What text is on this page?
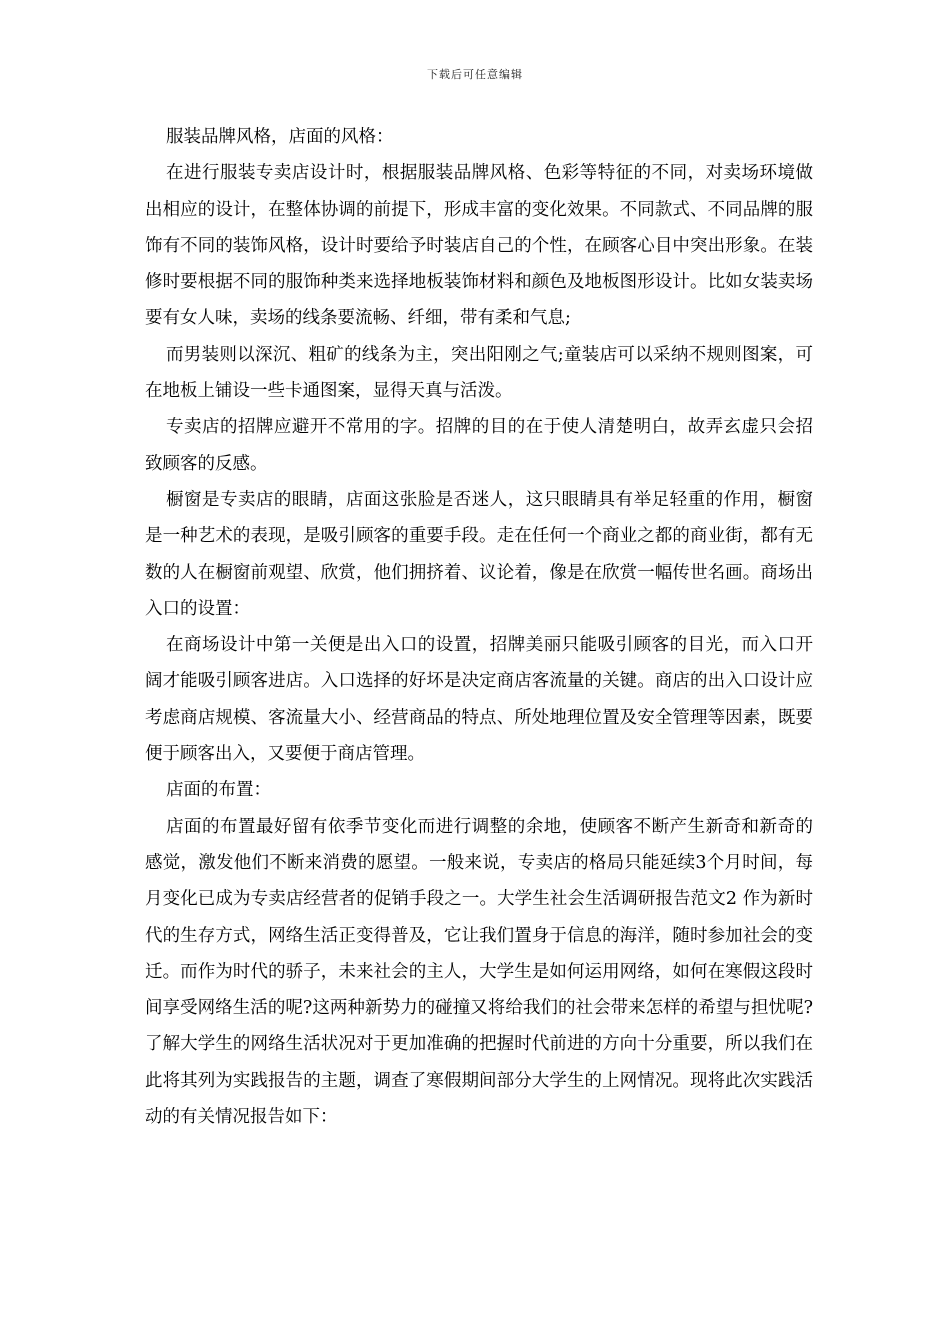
下载后可任意编辑

服装品牌风格，店面的风格：

在进行服装专卖店设计时，根据服装品牌风格、色彩等特征的不同，对卖场环境做出相应的设计，在整体协调的前提下，形成丰富的变化效果。不同款式、不同品牌的服饰有不同的装饰风格，设计时要给予时装店自己的个性，在顾客心目中突出形象。在装修时要根据不同的服饰种类来选择地板装饰材料和颜色及地板图形设计。比如女装卖场要有女人味，卖场的线条要流畅、纤细，带有柔和气息;

而男装则以深沉、粗矿的线条为主，突出阳刚之气;童装店可以采纳不规则图案，可在地板上铺设一些卡通图案，显得天真与活泼。

专卖店的招牌应避开不常用的字。招牌的目的在于使人清楚明白，故弄玄虚只会招致顾客的反感。

橱窗是专卖店的眼睛，店面这张脸是否迷人，这只眼睛具有举足轻重的作用，橱窗是一种艺术的表现，是吸引顾客的重要手段。走在任何一个商业之都的商业街，都有无数的人在橱窗前观望、欣赏，他们拥挤着、议论着，像是在欣赏一幅传世名画。商场出入口的设置：

在商场设计中第一关便是出入口的设置，招牌美丽只能吸引顾客的目光，而入口开阔才能吸引顾客进店。入口选择的好坏是决定商店客流量的关键。商店的出入口设计应考虑商店规模、客流量大小、经营商品的特点、所处地理位置及安全管理等因素，既要便于顾客出入，又要便于商店管理。

店面的布置：

店面的布置最好留有依季节变化而进行调整的余地，使顾客不断产生新奇和新奇的感觉，激发他们不断来消费的愿望。一般来说，专卖店的格局只能延续3个月时间，每月变化已成为专卖店经营者的促销手段之一。大学生社会生活调研报告范文2 作为新时代的生存方式，网络生活正变得普及，它让我们置身于信息的海洋，随时参加社会的变迁。而作为时代的骄子，未来社会的主人，大学生是如何运用网络，如何在寒假这段时间享受网络生活的呢?这两种新势力的碰撞又将给我们的社会带来怎样的希望与担忧呢?了解大学生的网络生活状况对于更加准确的把握时代前进的方向十分重要，所以我们在此将其列为实践报告的主题，调查了寒假期间部分大学生的上网情况。现将此次实践活动的有关情况报告如下：
